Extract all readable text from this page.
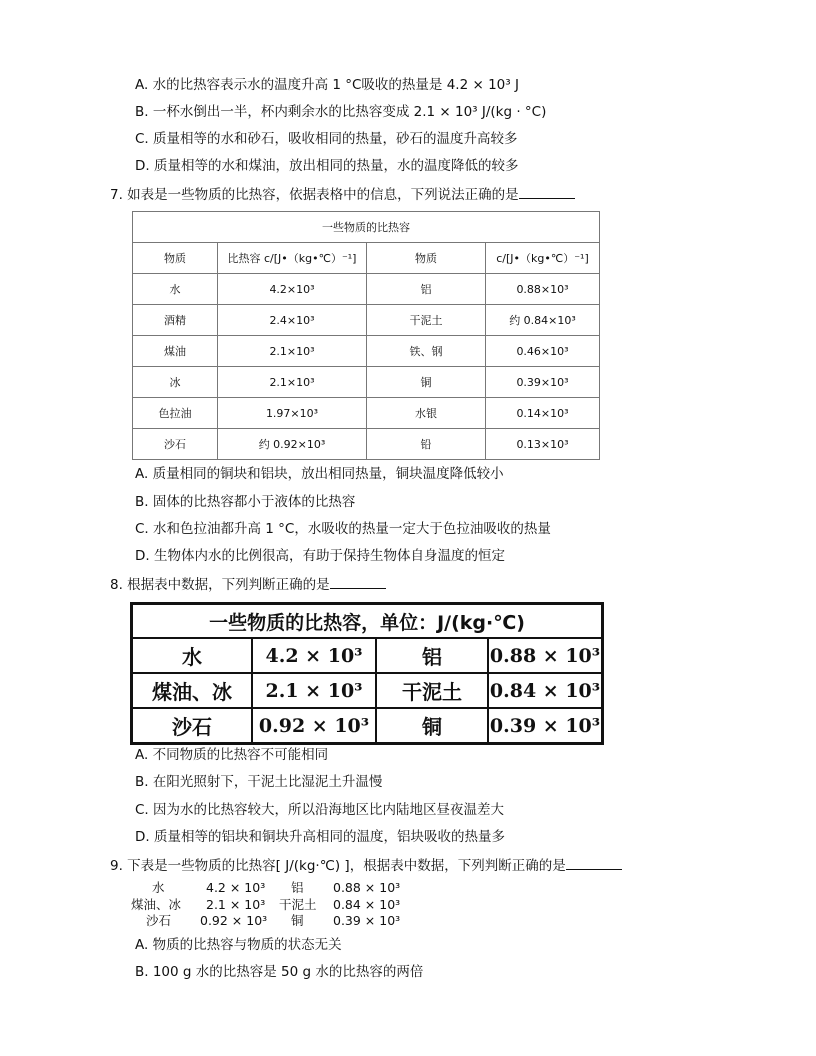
A. 水的比热容表示水的温度升高 1 °C吸收的热量是 4.2 × 10³ J
B. 一杯水倒出一半，杯内剩余水的比热容变成 2.1 × 10³ J/(kg · °C)
C. 质量相等的水和砂石，吸收相同的热量，砂石的温度升高较多
D. 质量相等的水和煤油，放出相同的热量，水的温度降低的较多
7. 如表是一些物质的比热容，依据表格中的信息，下列说法正确的是
一些物质的比热容			
物质	比热容 c/[J•（kg•℃）⁻¹]	物质	c/[J•（kg•℃）⁻¹]
水	4.2×10³	铝	0.88×10³
酒精	2.4×10³	干泥土	约 0.84×10³
煤油	2.1×10³	铁、钢	0.46×10³
冰	2.1×10³	铜	0.39×10³
色拉油	1.97×10³	水银	0.14×10³
沙石	约 0.92×10³	铅	0.13×10³
A. 质量相同的铜块和铝块，放出相同热量，铜块温度降低较小
B. 固体的比热容都小于液体的比热容
C. 水和色拉油都升高 1 °C，水吸收的热量一定大于色拉油吸收的热量
D. 生物体内水的比例很高，有助于保持生物体自身温度的恒定
8. 根据表中数据，下列判断正确的是
一些物质的比热容，单位：J/(kg·℃)			
水	4.2 × 10³	铝	0.88 × 10³
煤油、冰	2.1 × 10³	干泥土	0.84 × 10³
沙石	0.92 × 10³	铜	0.39 × 10³
A. 不同物质的比热容不可能相同
B. 在阳光照射下，干泥土比湿泥土升温慢
C. 因为水的比热容较大，所以沿海地区比内陆地区昼夜温差大
D. 质量相等的铝块和铜块升高相同的温度，铝块吸收的热量多
9. 下表是一些物质的比热容[ J/(kg·℃) ]，根据表中数据，下列判断正确的是
水	4.2 × 10³ 铝 0.88 × 10³
煤油、冰 2.1 × 10³ 干泥土 0.84 × 10³
沙石 0.92 × 10³ 铜 0.39 × 10³
A. 物质的比热容与物质的状态无关
B. 100 g 水的比热容是 50 g 水的比热容的两倍
